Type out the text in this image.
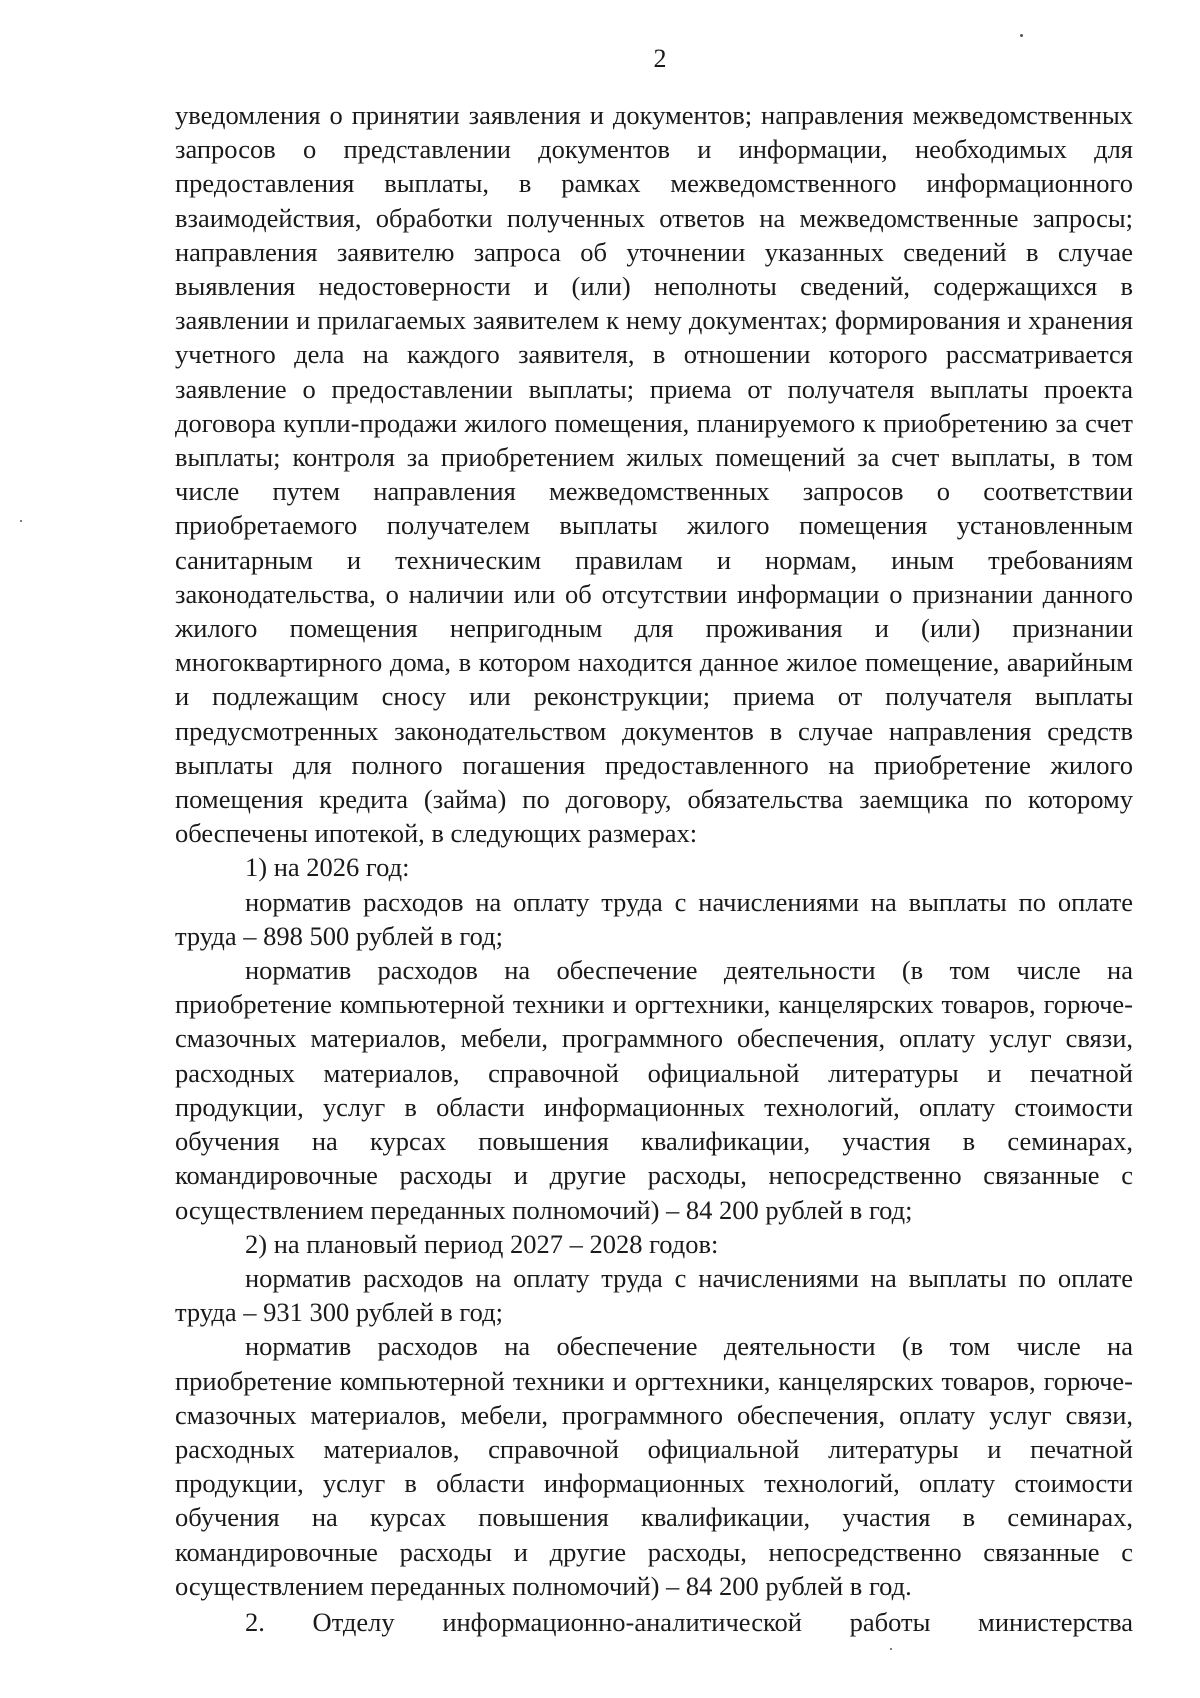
2

уведомления о принятии заявления и документов; направления межведомственных запросов о представлении документов и информации, необходимых для предоставления выплаты, в рамках межведомственного информационного взаимодействия, обработки полученных ответов на межведомственные запросы; направления заявителю запроса об уточнении указанных сведений в случае выявления недостоверности и (или) неполноты сведений, содержащихся в заявлении и прилагаемых заявителем к нему документах; формирования и хранения учетного дела на каждого заявителя, в отношении которого рассматривается заявление о предоставлении выплаты; приема от получателя выплаты проекта договора купли-продажи жилого помещения, планируемого к приобретению за счет выплаты; контроля за приобретением жилых помещений за счет выплаты, в том числе путем направления межведомственных запросов о соответствии приобретаемого получателем выплаты жилого помещения установленным санитарным и техническим правилам и нормам, иным требованиям законодательства, о наличии или об отсутствии информации о признании данного жилого помещения непригодным для проживания и (или) признании многоквартирного дома, в котором находится данное жилое помещение, аварийным и подлежащим сносу или реконструкции; приема от получателя выплаты предусмотренных законодательством документов в случае направления средств выплаты для полного погашения предоставленного на приобретение жилого помещения кредита (займа) по договору, обязательства заемщика по которому обеспечены ипотекой, в следующих размерах:

1) на 2026 год:

норматив расходов на оплату труда с начислениями на выплаты по оплате труда – 898 500 рублей в год;

норматив расходов на обеспечение деятельности (в том числе на приобретение компьютерной техники и оргтехники, канцелярских товаров, горюче-смазочных материалов, мебели, программного обеспечения, оплату услуг связи, расходных материалов, справочной официальной литературы и печатной продукции, услуг в области информационных технологий, оплату стоимости обучения на курсах повышения квалификации, участия в семинарах, командировочные расходы и другие расходы, непосредственно связанные с осуществлением переданных полномочий) – 84 200 рублей в год;

2) на плановый период 2027 – 2028 годов:

норматив расходов на оплату труда с начислениями на выплаты по оплате труда – 931 300 рублей в год;

норматив расходов на обеспечение деятельности (в том числе на приобретение компьютерной техники и оргтехники, канцелярских товаров, горюче-смазочных материалов, мебели, программного обеспечения, оплату услуг связи, расходных материалов, справочной официальной литературы и печатной продукции, услуг в области информационных технологий, оплату стоимости обучения на курсах повышения квалификации, участия в семинарах, командировочные расходы и другие расходы, непосредственно связанные с осуществлением переданных полномочий) – 84 200 рублей в год.

2. Отделу информационно-аналитической работы министерства
